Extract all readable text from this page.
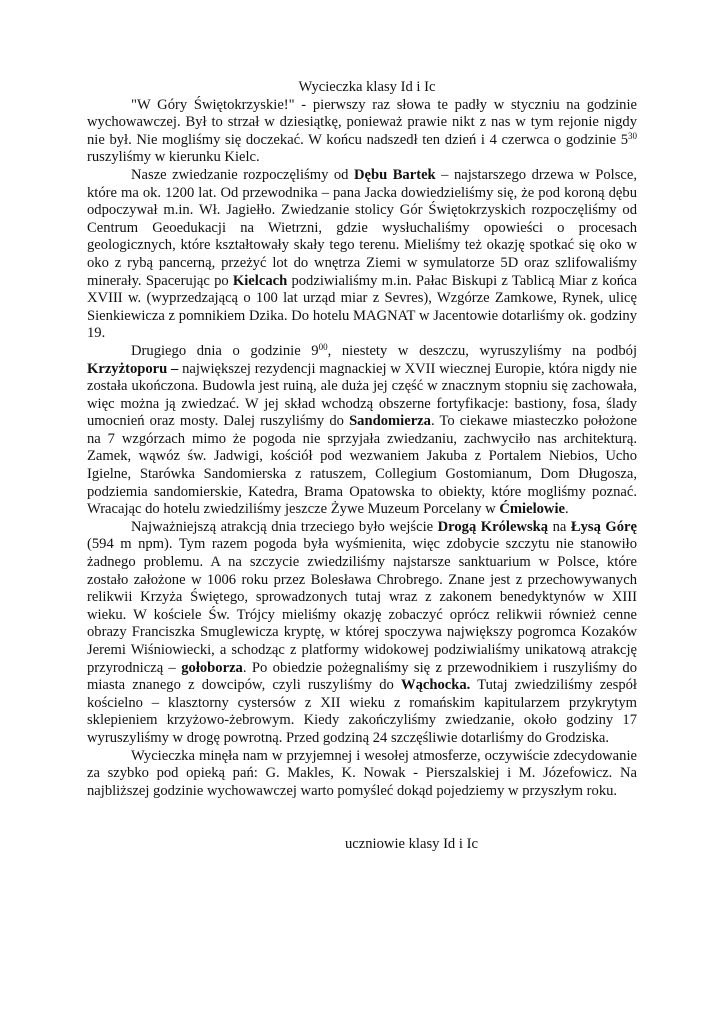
Wycieczka klasy Id i Ic

"W Góry Świętokrzyskie!" - pierwszy raz słowa te padły w styczniu na godzinie wychowawczej. Był to strzał w dziesiątkę, ponieważ prawie nikt z nas w tym rejonie nigdy nie był. Nie mogliśmy się doczekać. W końcu nadszedł ten dzień i 4 czerwca o godzinie $5^{30}$ ruszyliśmy w kierunku Kielc.

Nasze zwiedzanie rozpoczęliśmy od Dębu Bartek – najstarszego drzewa w Polsce, które ma ok. 1200 lat. Od przewodnika – pana Jacka dowiedzieliśmy się, że pod koroną dębu odpoczywał m.in. Wł. Jagiełło. Zwiedzanie stolicy Gór Świętokrzyskich rozpoczęliśmy od Centrum Geoedukacji na Wietrzni, gdzie wysłuchaliśmy opowieści o procesach geologicznych, które kształtowały skały tego terenu. Mieliśmy też okazję spotkać się oko w oko z rybą pancerną, przeżyć lot do wnętrza Ziemi w symulatorze 5D oraz szlifowaliśmy minerały. Spacerując po Kielcach podziwialiśmy m.in. Pałac Biskupi z Tablicą Miar z końca XVIII w. (wyprzedzającą o 100 lat urząd miar z Sevres), Wzgórze Zamkowe, Rynek, ulicę Sienkiewicza z pomnikiem Dzika. Do hotelu MAGNAT w Jacentowie dotarliśmy ok. godziny 19.

Drugiego dnia o godzinie $9^{00}$, niestety w deszczu, wyruszyliśmy na podbój Krzyżtoporu – największej rezydencji magnackiej w XVII wiecznej Europie, która nigdy nie została ukończona. Budowla jest ruiną, ale duża jej część w znacznym stopniu się zachowała, więc można ją zwiedzać. W jej skład wchodzą obszerne fortyfikacje: bastiony, fosa, ślady umocnień oraz mosty. Dalej ruszyliśmy do Sandomierza. To ciekawe miasteczko położone na 7 wzgórzach mimo że pogoda nie sprzyjała zwiedzaniu, zachwyciło nas architekturą. Zamek, wąwóz św. Jadwigi, kościół pod wezwaniem Jakuba z Portalem Niebios, Ucho Igielne, Starówka Sandomierska z ratuszem, Collegium Gostomianum, Dom Długosza, podziemia sandomierskie, Katedra, Brama Opatowska to obiekty, które mogliśmy poznać. Wracając do hotelu zwiedziliśmy jeszcze Żywe Muzeum Porcelany w Ćmielowie.

Najważniejszą atrakcją dnia trzeciego było wejście Drogą Królewską na Łysą Górę (594 m npm). Tym razem pogoda była wyśmienita, więc zdobycie szczytu nie stanowiło żadnego problemu. A na szczycie zwiedziliśmy najstarsze sanktuarium w Polsce, które zostało założone w 1006 roku przez Bolesława Chrobrego. Znane jest z przechowywanych relikwii Krzyża Świętego, sprowadzonych tutaj wraz z zakonem benedyktynów w XIII wieku. W kościele Św. Trójcy mieliśmy okazję zobaczyć oprócz relikwii również cenne obrazy Franciszka Smuglewicza kryptę, w której spoczywa największy pogromca Kozaków Jeremi Wiśniowiecki, a schodząc z platformy widokowej podziwialiśmy unikatową atrakcję przyrodniczą – gołoborza. Po obiedzie pożegnaliśmy się z przewodnikiem i ruszyliśmy do miasta znanego z dowcipów, czyli ruszyliśmy do Wąchocka. Tutaj zwiedziliśmy zespół kościelno – klasztorny cystersów z XII wieku z romańskim kapitularzem przykrytym sklepieniem krzyżowo-żebrowym. Kiedy zakończyliśmy zwiedzanie, około godziny 17 wyruszyliśmy w drogę powrotną. Przed godziną 24 szczęśliwie dotarliśmy do Grodziska.

Wycieczka minęła nam w przyjemnej i wesołej atmosferze, oczywiście zdecydowanie za szybko pod opieką pań: G. Makles, K. Nowak - Pierszalskiej i M. Józefowicz. Na najbliższej godzinie wychowawczej warto pomyśleć dokąd pojedziemy w przyszłym roku.

uczniowie klasy Id i Ic
